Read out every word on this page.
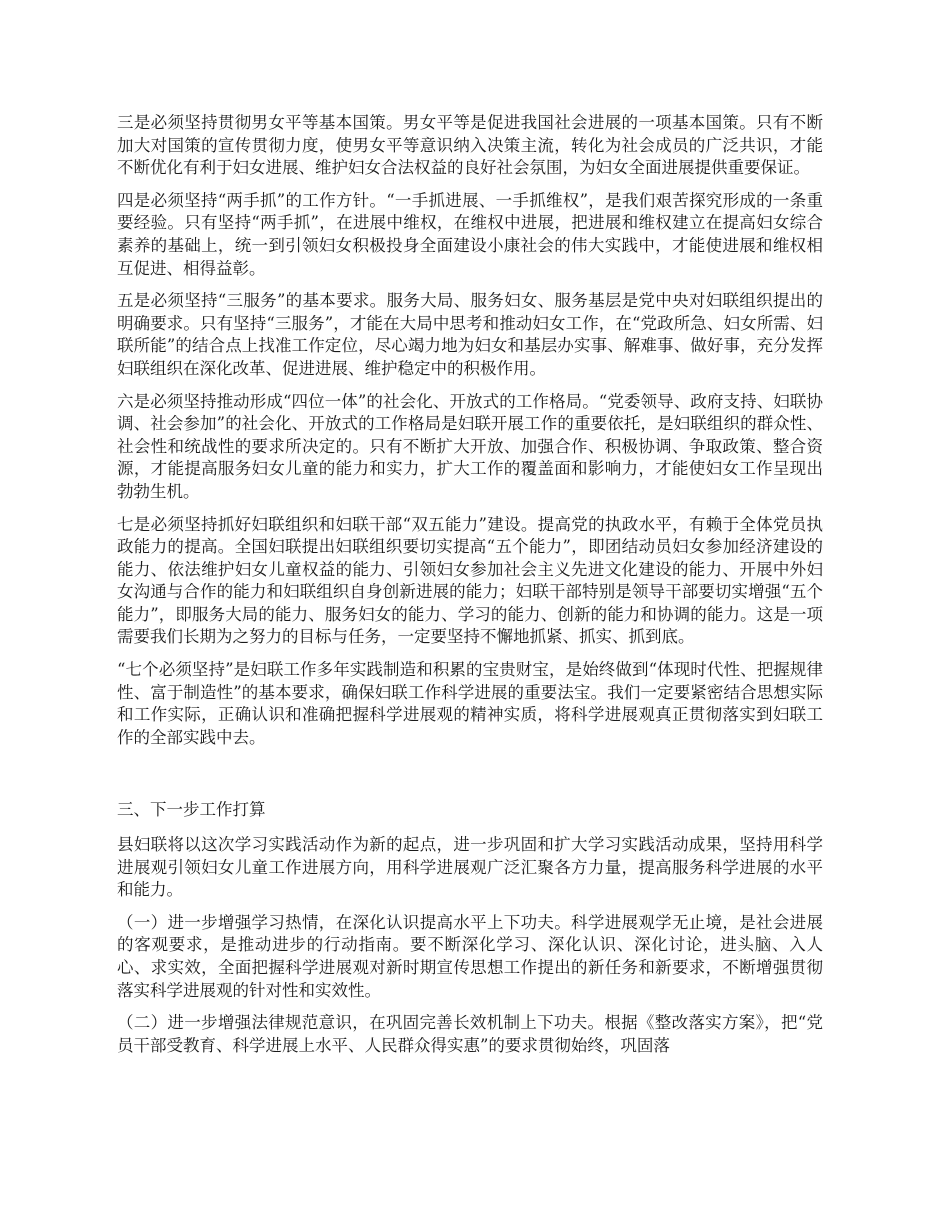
三是必须坚持贯彻男女平等基本国策。男女平等是促进我国社会进展的一项基本国策。只有不断加大对国策的宣传贯彻力度，使男女平等意识纳入决策主流，转化为社会成员的广泛共识，才能不断优化有利于妇女进展、维护妇女合法权益的良好社会氛围，为妇女全面进展提供重要保证。

四是必须坚持“两手抓”的工作方针。“一手抓进展、一手抓维权”，是我们艰苦探究形成的一条重要经验。只有坚持“两手抓”，在进展中维权，在维权中进展，把进展和维权建立在提高妇女综合素养的基础上，统一到引领妇女积极投身全面建设小康社会的伟大实践中，才能使进展和维权相互促进、相得益彰。

五是必须坚持“三服务”的基本要求。服务大局、服务妇女、服务基层是党中央对妇联组织提出的明确要求。只有坚持“三服务”，才能在大局中思考和推动妇女工作，在“党政所急、妇女所需、妇联所能”的结合点上找准工作定位，尽心竭力地为妇女和基层办实事、解难事、做好事，充分发挥妇联组织在深化改革、促进进展、维护稳定中的积极作用。

六是必须坚持推动形成“四位一体”的社会化、开放式的工作格局。“党委领导、政府支持、妇联协调、社会参加”的社会化、开放式的工作格局是妇联开展工作的重要依托，是妇联组织的群众性、社会性和统战性的要求所决定的。只有不断扩大开放、加强合作、积极协调、争取政策、整合资源，才能提高服务妇女儿童的能力和实力，扩大工作的覆盖面和影响力，才能使妇女工作呈现出勃勃生机。

七是必须坚持抓好妇联组织和妇联干部“双五能力”建设。提高党的执政水平，有赖于全体党员执政能力的提高。全国妇联提出妇联组织要切实提高“五个能力”，即团结动员妇女参加经济建设的能力、依法维护妇女儿童权益的能力、引领妇女参加社会主义先进文化建设的能力、开展中外妇女沟通与合作的能力和妇联组织自身创新进展的能力；妇联干部特别是领导干部要切实增强“五个能力”，即服务大局的能力、服务妇女的能力、学习的能力、创新的能力和协调的能力。这是一项需要我们长期为之努力的目标与任务，一定要坚持不懈地抓紧、抓实、抓到底。

“七个必须坚持”是妇联工作多年实践制造和积累的宝贵财宝，是始终做到“体现时代性、把握规律性、富于制造性”的基本要求，确保妇联工作科学进展的重要法宝。我们一定要紧密结合思想实际和工作实际，正确认识和准确把握科学进展观的精神实质，将科学进展观真正贯彻落实到妇联工作的全部实践中去。

三、下一步工作打算

县妇联将以这次学习实践活动作为新的起点，进一步巩固和扩大学习实践活动成果，坚持用科学进展观引领妇女儿童工作进展方向，用科学进展观广泛汇聚各方力量，提高服务科学进展的水平和能力。

（一）进一步增强学习热情，在深化认识提高水平上下功夫。科学进展观学无止境，是社会进展的客观要求，是推动进步的行动指南。要不断深化学习、深化认识、深化讨论，进头脑、入人心、求实效，全面把握科学进展观对新时期宣传思想工作提出的新任务和新要求，不断增强贯彻落实科学进展观的针对性和实效性。

（二）进一步增强法律规范意识，在巩固完善长效机制上下功夫。根据《整改落实方案》，把“党员干部受教育、科学进展上水平、人民群众得实惠”的要求贯彻始终，巩固落
